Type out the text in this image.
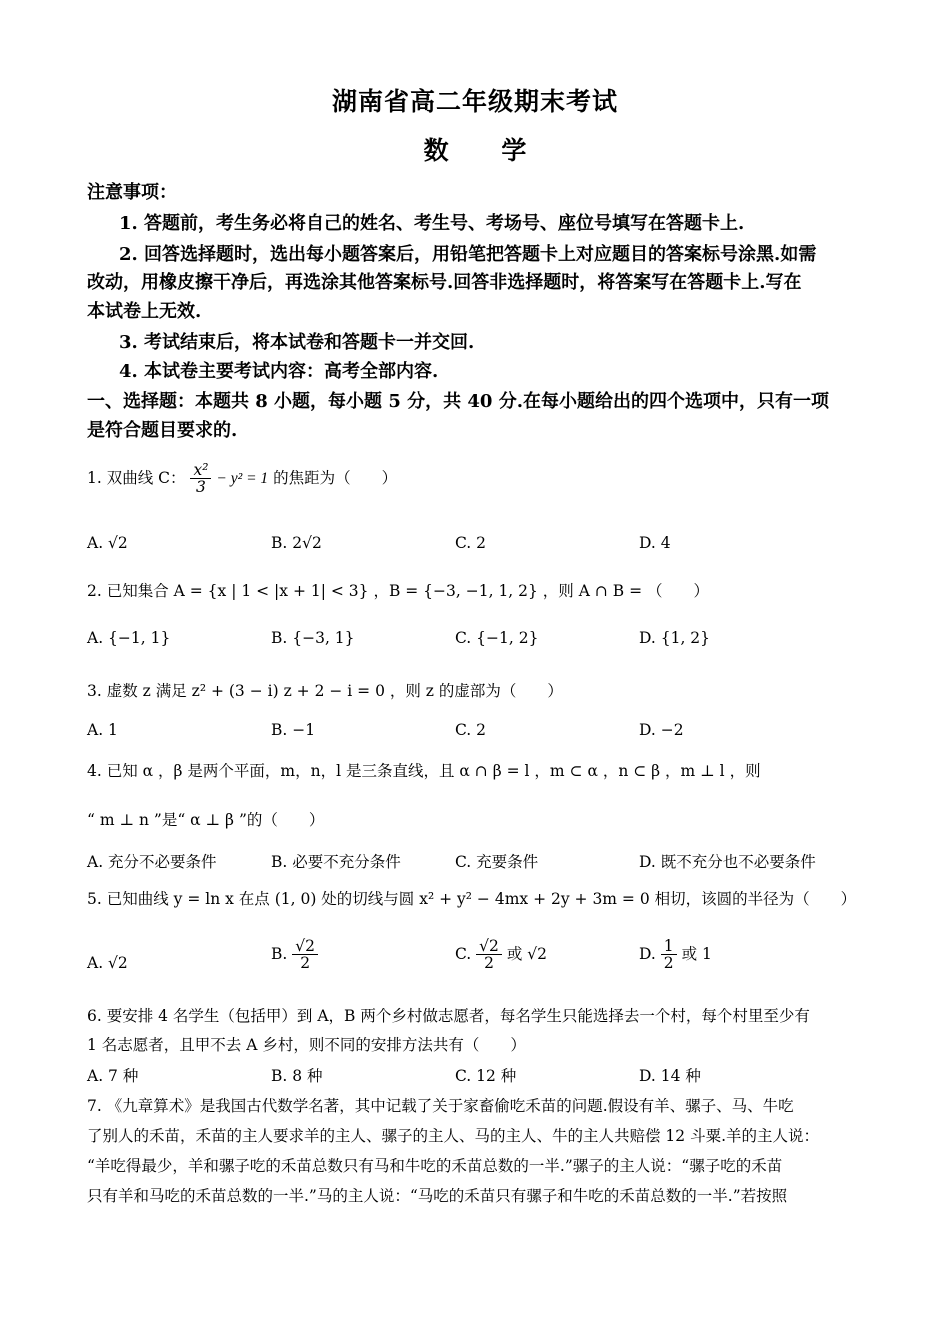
湖南省高二年级期末考试
数 学
注意事项：
1. 答题前，考生务必将自己的姓名、考生号、考场号、座位号填写在答题卡上.
2. 回答选择题时，选出每小题答案后，用铅笔把答题卡上对应题目的答案标号涂黑.如需
改动，用橡皮擦干净后，再选涂其他答案标号.回答非选择题时，将答案写在答题卡上.写在
本试卷上无效.
3. 考试结束后，将本试卷和答题卡一并交回.
4. 本试卷主要考试内容：高考全部内容.
一、选择题：本题共 8 小题，每小题 5 分，共 40 分.在每小题给出的四个选项中，只有一项
是符合题目要求的.
1. 双曲线 C： $\frac{\text{x²}}{3} - y^2 = 1$ 的焦距为（　　）
A. √2	B. 2√2	C. 2	D. 4
2. 已知集合 A = {x | 1 < |x + 1| < 3} ，B = {−3, −1, 1, 2} ，则 A ∩ B = （　　）
A. {−1, 1}	B. {−3, 1}	C. {−1, 2}	D. {1, 2}
3. 虚数 z 满足 z² + (3 − i) z + 2 − i = 0 ，则 z 的虚部为（　　）
A. 1	B. −1	C. 2	D. −2
4. 已知 α ，β 是两个平面，m，n，l 是三条直线，且 α ∩ β = l ，m ⊂ α ，n ⊂ β ，m ⊥ l ，则
“ m ⊥ n ”是“ α ⊥ β ”的（　　）
A. 充分不必要条件	B. 必要不充分条件	C. 充要条件	D. 既不充分也不必要条件
5. 已知曲线 y = ln x 在点 (1, 0) 处的切线与圆 x² + y² − 4mx + 2y + 3m = 0 相切，该圆的半径为（　　）
A. √2
B. $\frac{√2}{2}$	C. $\frac{√2}{2}$ 或 √2	D. $\frac{1}{2}$ 或 1
6. 要安排 4 名学生（包括甲）到 A，B 两个乡村做志愿者，每名学生只能选择去一个村，每个村里至少有
1 名志愿者，且甲不去 A 乡村，则不同的安排方法共有（　　）
A. 7 种	B. 8 种	C. 12 种	D. 14 种
7. 《九章算术》是我国古代数学名著，其中记载了关于家畜偷吃禾苗的问题.假设有羊、骡子、马、牛吃
了别人的禾苗，禾苗的主人要求羊的主人、骡子的主人、马的主人、牛的主人共赔偿 12 斗粟.羊的主人说：
“羊吃得最少，羊和骡子吃的禾苗总数只有马和牛吃的禾苗总数的一半.”骡子的主人说：“骡子吃的禾苗
只有羊和马吃的禾苗总数的一半.”马的主人说：“马吃的禾苗只有骡子和牛吃的禾苗总数的一半.”若按照
